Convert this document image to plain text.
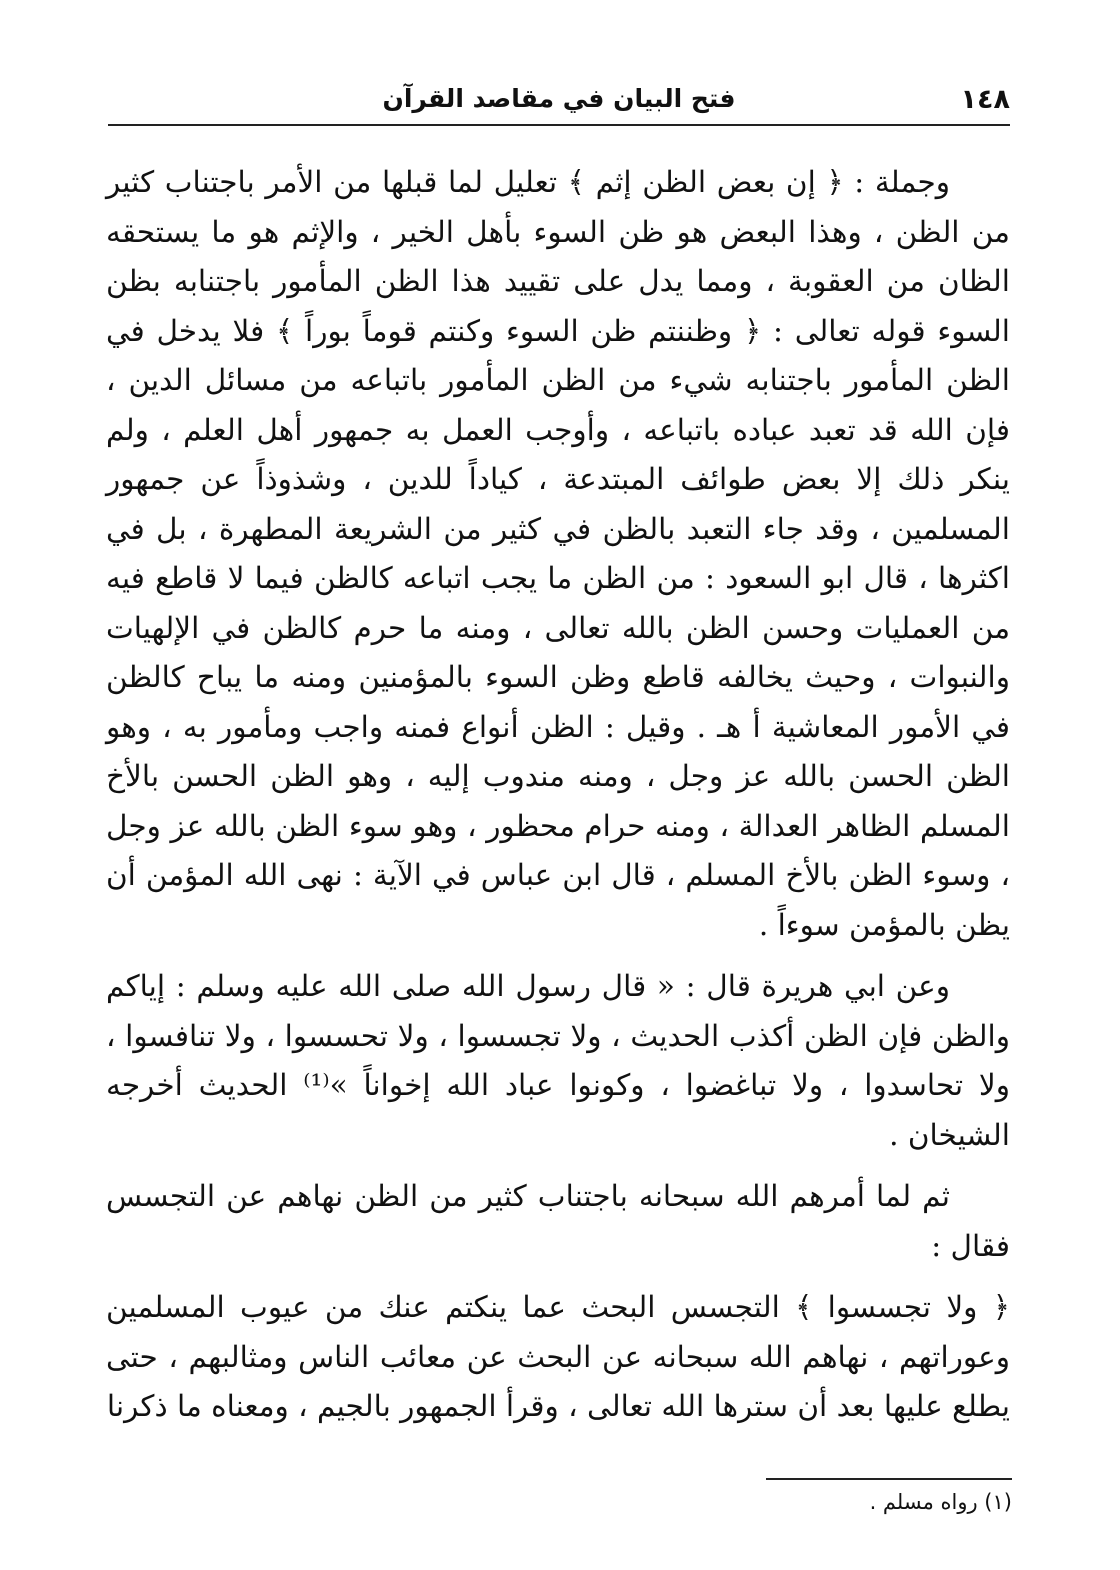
١٤٨
فتح البيان في مقاصد القرآن

وجملة : ﴿ إن بعض الظن إثم ﴾ تعليل لما قبلها من الأمر باجتناب كثير من الظن ، وهذا البعض هو ظن السوء بأهل الخير ، والإثم هو ما يستحقه الظان من العقوبة ، ومما يدل على تقييد هذا الظن المأمور باجتنابه بظن السوء قوله تعالى : ﴿ وظننتم ظن السوء وكنتم قوماً بوراً ﴾ فلا يدخل في الظن المأمور باجتنابه شيء من الظن المأمور باتباعه من مسائل الدين ، فإن الله قد تعبد عباده باتباعه ، وأوجب العمل به جمهور أهل العلم ، ولم ينكر ذلك إلا بعض طوائف المبتدعة ، كياداً للدين ، وشذوذاً عن جمهور المسلمين ، وقد جاء التعبد بالظن في كثير من الشريعة المطهرة ، بل في اكثرها ، قال ابو السعود : من الظن ما يجب اتباعه كالظن فيما لا قاطع فيه من العمليات وحسن الظن بالله تعالى ، ومنه ما حرم كالظن في الإلهيات والنبوات ، وحيث يخالفه قاطع وظن السوء بالمؤمنين ومنه ما يباح كالظن في الأمور المعاشية أ هـ . وقيل : الظن أنواع فمنه واجب ومأمور به ، وهو الظن الحسن بالله عز وجل ، ومنه مندوب إليه ، وهو الظن الحسن بالأخ المسلم الظاهر العدالة ، ومنه حرام محظور ، وهو سوء الظن بالله عز وجل ، وسوء الظن بالأخ المسلم ، قال ابن عباس في الآية : نهى الله المؤمن أن يظن بالمؤمن سوءاً .

وعن ابي هريرة قال : « قال رسول الله صلى الله عليه وسلم : إياكم والظن فإن الظن أكذب الحديث ، ولا تجسسوا ، ولا تحسسوا ، ولا تنافسوا ، ولا تحاسدوا ، ولا تباغضوا ، وكونوا عباد الله إخواناً »⁽¹⁾ الحديث أخرجه الشيخان .

ثم لما أمرهم الله سبحانه باجتناب كثير من الظن نهاهم عن التجسس فقال :

﴿ ولا تجسسوا ﴾ التجسس البحث عما ينكتم عنك من عيوب المسلمين وعوراتهم ، نهاهم الله سبحانه عن البحث عن معائب الناس ومثالبهم ، حتى يطلع عليها بعد أن سترها الله تعالى ، وقرأ الجمهور بالجيم ، ومعناه ما ذكرنا

(١) رواه مسلم .
